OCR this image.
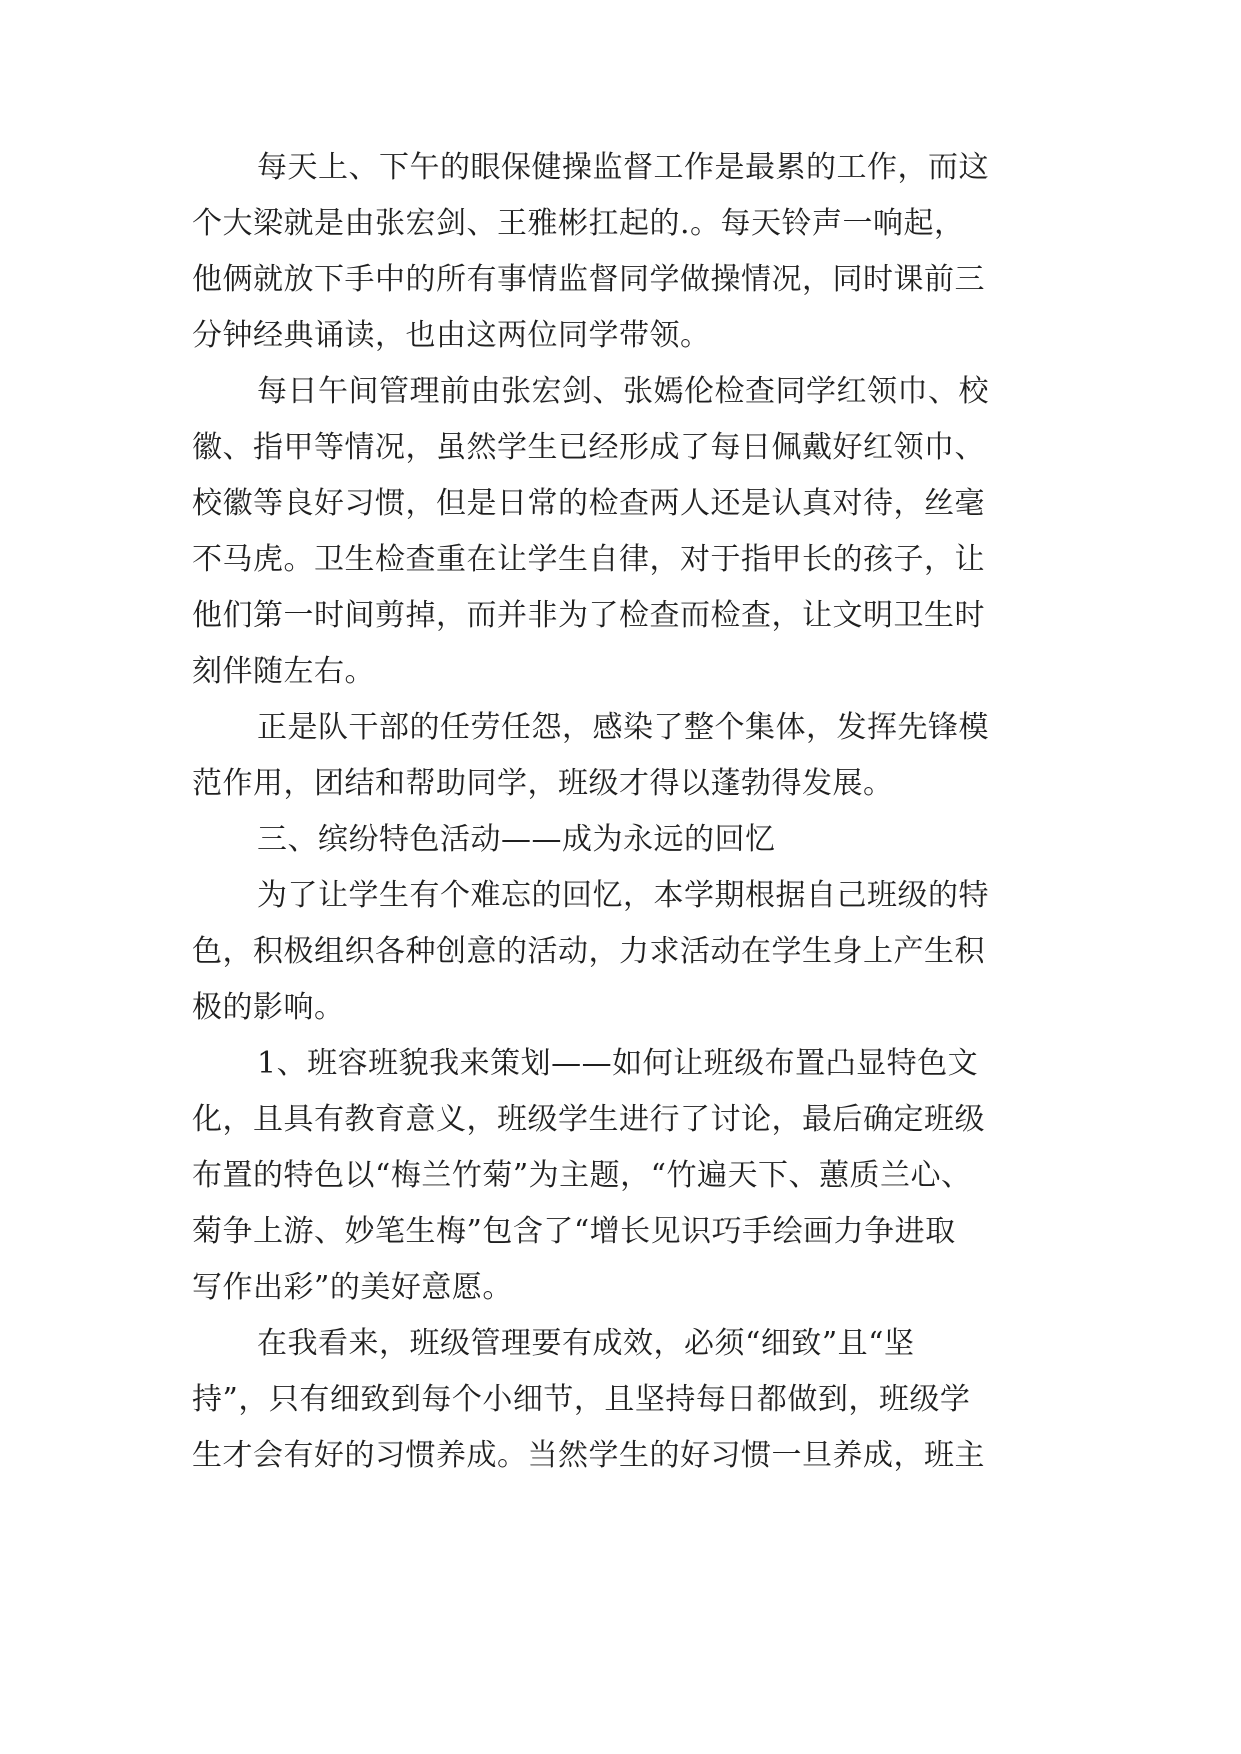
每天上、下午的眼保健操监督工作是最累的工作，而这
个大梁就是由张宏剑、王雅彬扛起的.。每天铃声一响起，
他俩就放下手中的所有事情监督同学做操情况，同时课前三
分钟经典诵读，也由这两位同学带领。
每日午间管理前由张宏剑、张嫣伦检查同学红领巾、校
徽、指甲等情况，虽然学生已经形成了每日佩戴好红领巾、
校徽等良好习惯，但是日常的检查两人还是认真对待，丝毫
不马虎。卫生检查重在让学生自律，对于指甲长的孩子，让
他们第一时间剪掉，而并非为了检查而检查，让文明卫生时
刻伴随左右。
正是队干部的任劳任怨，感染了整个集体，发挥先锋模
范作用，团结和帮助同学，班级才得以蓬勃得发展。
三、缤纷特色活动——成为永远的回忆
为了让学生有个难忘的回忆，本学期根据自己班级的特
色，积极组织各种创意的活动，力求活动在学生身上产生积
极的影响。
1、班容班貌我来策划——如何让班级布置凸显特色文
化，且具有教育意义，班级学生进行了讨论，最后确定班级
布置的特色以“梅兰竹菊”为主题，“竹遍天下、蕙质兰心、
菊争上游、妙笔生梅”包含了“增长见识巧手绘画力争进取
写作出彩”的美好意愿。
在我看来，班级管理要有成效，必须“细致”且“坚
持”，只有细致到每个小细节，且坚持每日都做到，班级学
生才会有好的习惯养成。当然学生的好习惯一旦养成，班主
